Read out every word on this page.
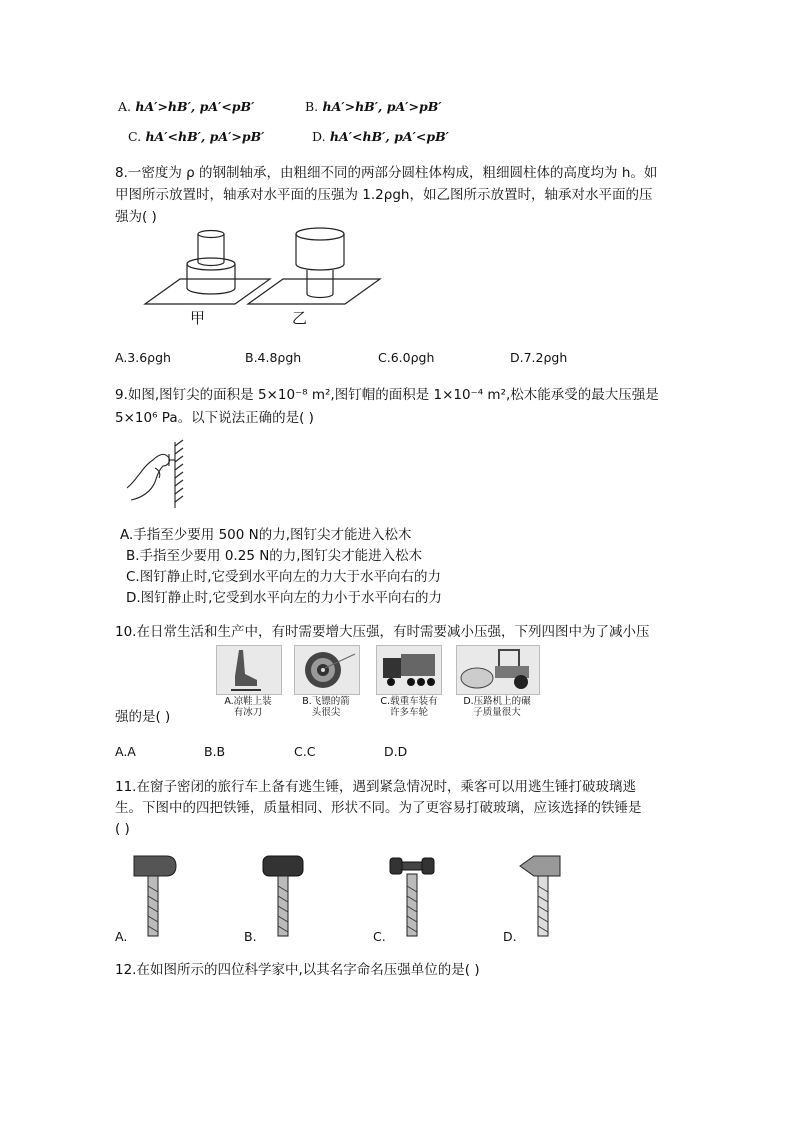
A. hA′>hB′, pA′<pB′	B. hA′>hB′, pA′>pB′
C. hA′<hB′, pA′>pB′	D. hA′<hB′, pA′<pB′
8.一密度为 ρ 的钢制轴承，由粗细不同的两部分圆柱体构成，粗细圆柱体的高度均为 h。如
甲图所示放置时，轴承对水平面的压强为 1.2ρgh，如乙图所示放置时，轴承对水平面的压
强为( )
甲	乙
A.3.6ρgh	B.4.8ρgh	C.6.0ρgh	D.7.2ρgh
9.如图,图钉尖的面积是 5×10⁻⁸ m²,图钉帽的面积是 1×10⁻⁴ m²,松木能承受的最大压强是
5×10⁶ Pa。以下说法正确的是( )
A.手指至少要用 500 N的力,图钉尖才能进入松木
B.手指至少要用 0.25 N的力,图钉尖才能进入松木
C.图钉静止时,它受到水平向左的力大于水平向右的力
D.图钉静止时,它受到水平向左的力小于水平向右的力
10.在日常生活和生产中，有时需要增大压强，有时需要减小压强，下列四图中为了减小压
A.凉鞋上装
有冰刀
B.飞镖的箭
头很尖
C.载重车装有
许多车轮
D.压路机上的碾
子质量很大
强的是( )
A.A	B.B	C.C	D.D
11.在窗子密闭的旅行车上备有逃生锤，遇到紧急情况时，乘客可以用逃生锤打破玻璃逃
生。下图中的四把铁锤，质量相同、形状不同。为了更容易打破玻璃，应该选择的铁锤是
( )
A.	B.	C.	D.
12.在如图所示的四位科学家中,以其名字命名压强单位的是( )
